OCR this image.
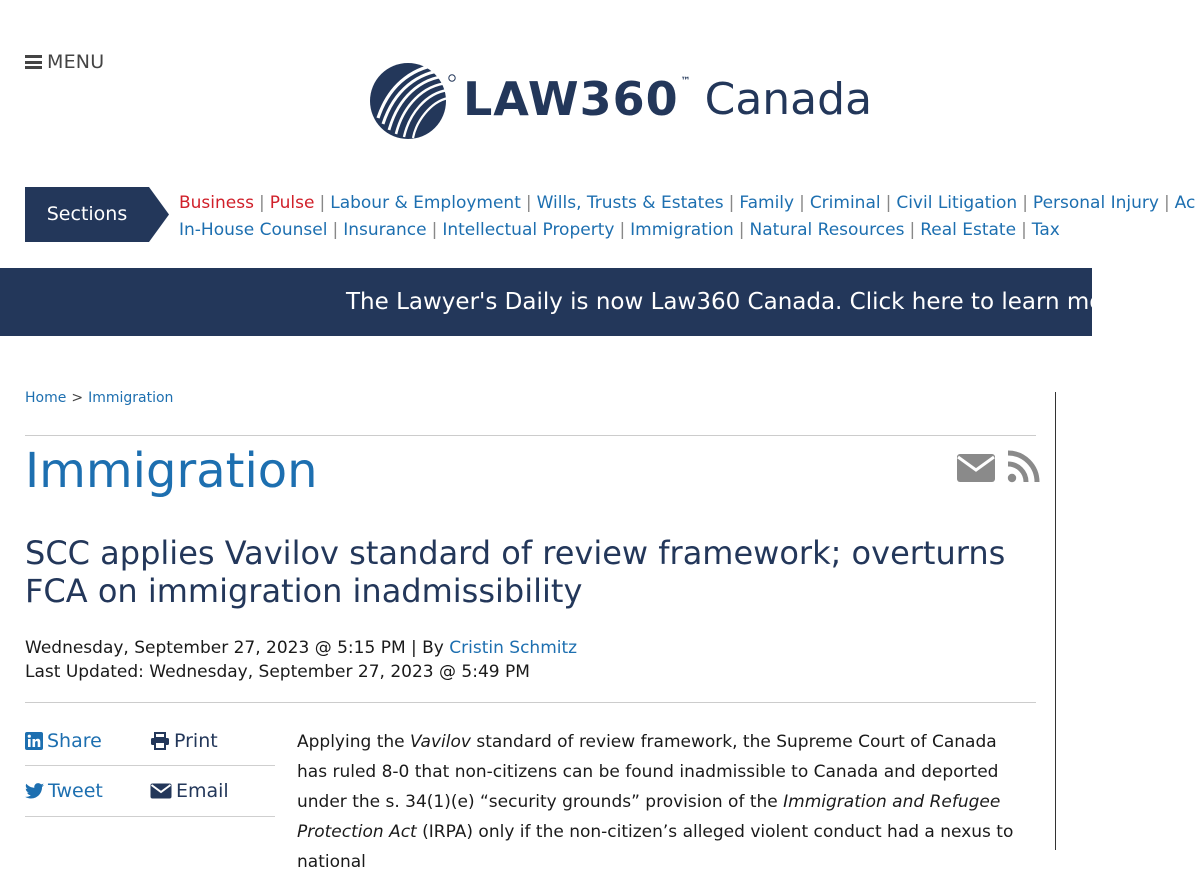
MENU
LAW360 ™ Canada
Sections	Business | Pulse | Labour & Employment | Wills, Trusts & Estates | Family | Criminal | Civil Litigation | Personal Injury | Ac
In-House Counsel | Insurance | Intellectual Property | Immigration | Natural Resources | Real Estate | Tax
The Lawyer's Daily is now Law360 Canada. Click here to learn more.
Home > Immigration
Immigration
SCC applies Vavilov standard of review framework; overturns FCA on immigration inadmissibility
Wednesday, September 27, 2023 @ 5:15 PM | By Cristin Schmitz
Last Updated: Wednesday, September 27, 2023 @ 5:49 PM
Share	Print
Tweet	Email

Applying the Vavilov standard of review framework, the Supreme Court of Canada has ruled 8-0 that non-citizens can be found inadmissible to Canada and deported under the s. 34(1)(e) “security grounds” provision of the Immigration and Refugee Protection Act (IRPA) only if the non-citizen’s alleged violent conduct had a nexus to national
